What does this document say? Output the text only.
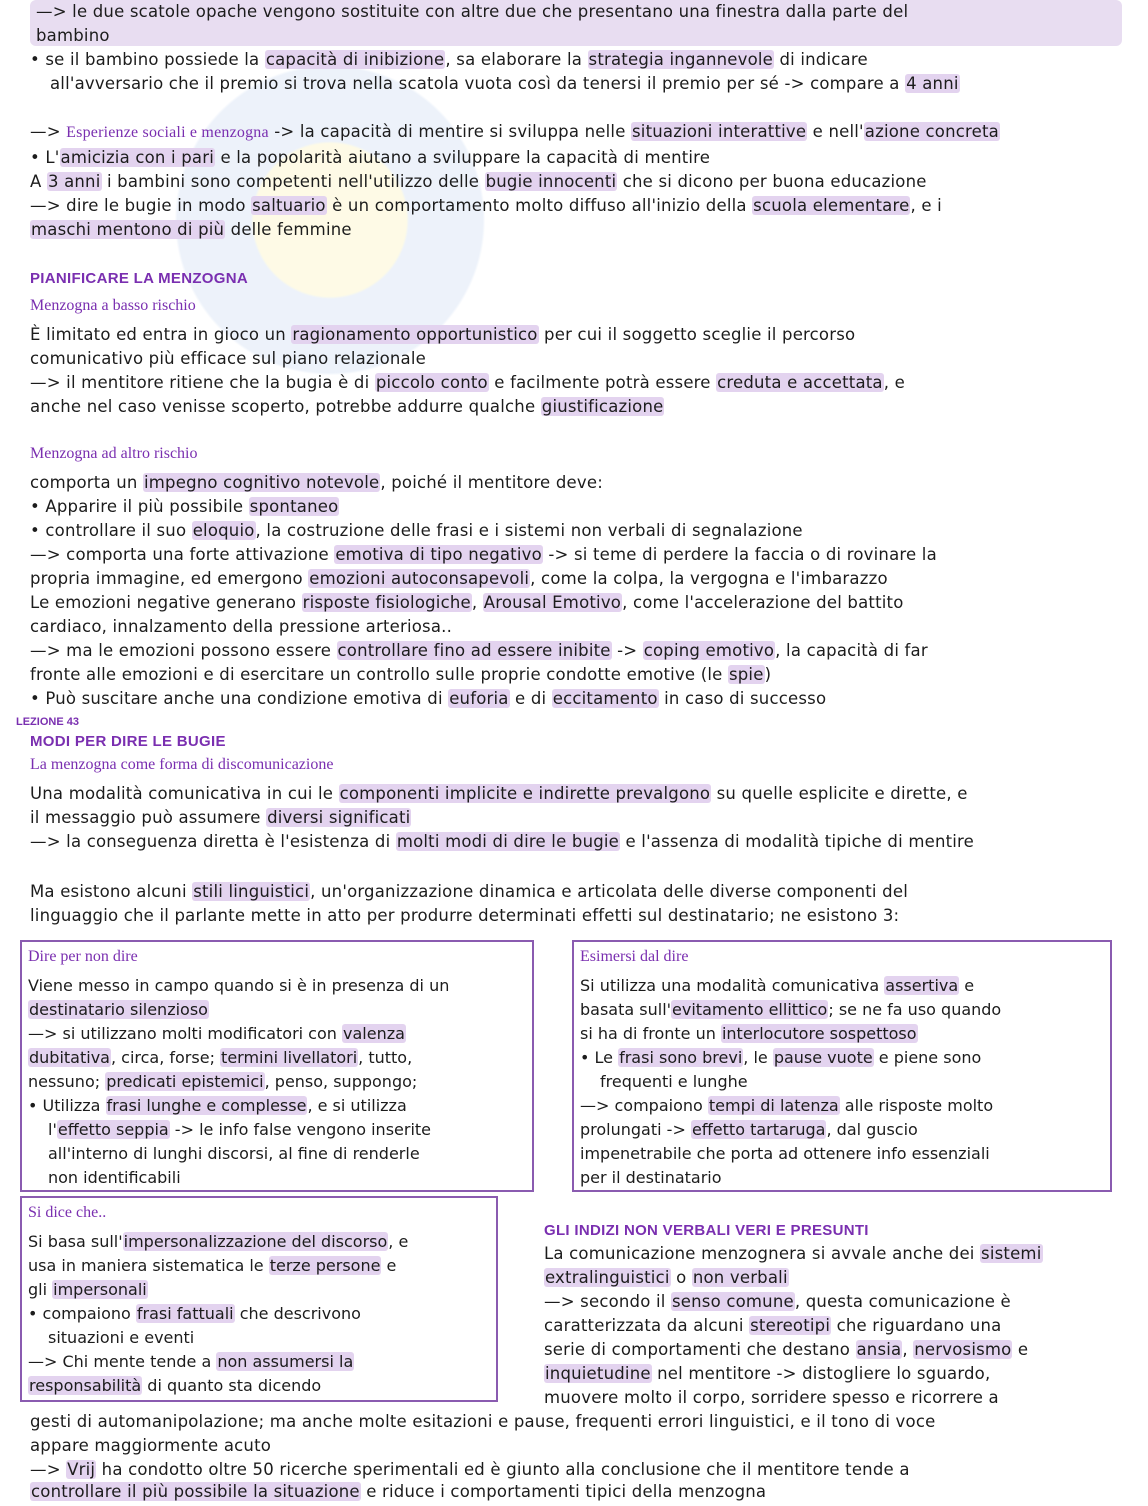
—> le due scatole opache vengono sostituite con altre due che presentano una finestra dalla parte del
bambino
• se il bambino possiede la capacità di inibizione, sa elaborare la strategia ingannevole di indicare
all'avversario che il premio si trova nella scatola vuota così da tenersi il premio per sé -> compare a 4 anni
—> Esperienze sociali e menzogna -> la capacità di mentire si sviluppa nelle situazioni interattive e nell'azione concreta
• L'amicizia con i pari e la popolarità aiutano a sviluppare la capacità di mentire
A 3 anni i bambini sono competenti nell'utilizzo delle bugie innocenti che si dicono per buona educazione
—> dire le bugie in modo saltuario è un comportamento molto diffuso all'inizio della scuola elementare, e i
maschi mentono di più delle femmine
PIANIFICARE LA MENZOGNA
Menzogna a basso rischio
È limitato ed entra in gioco un ragionamento opportunistico per cui il soggetto sceglie il percorso
comunicativo più efficace sul piano relazionale
—> il mentitore ritiene che la bugia è di piccolo conto e facilmente potrà essere creduta e accettata, e
anche nel caso venisse scoperto, potrebbe addurre qualche giustificazione
Menzogna ad altro rischio
comporta un impegno cognitivo notevole, poiché il mentitore deve:
• Apparire il più possibile spontaneo
• controllare il suo eloquio, la costruzione delle frasi e i sistemi non verbali di segnalazione
—> comporta una forte attivazione emotiva di tipo negativo -> si teme di perdere la faccia o di rovinare la
propria immagine, ed emergono emozioni autoconsapevoli, come la colpa, la vergogna e l'imbarazzo
Le emozioni negative generano risposte fisiologiche, Arousal Emotivo, come l'accelerazione del battito
cardiaco, innalzamento della pressione arteriosa..
—> ma le emozioni possono essere controllare fino ad essere inibite -> coping emotivo, la capacità di far
fronte alle emozioni e di esercitare un controllo sulle proprie condotte emotive (le spie)
• Può suscitare anche una condizione emotiva di euforia e di eccitamento in caso di successo
LEZIONE 43
MODI PER DIRE LE BUGIE
La menzogna come forma di discomunicazione
Una modalità comunicativa in cui le componenti implicite e indirette prevalgono su quelle esplicite e dirette, e
il messaggio può assumere diversi significati
—> la conseguenza diretta è l'esistenza di molti modi di dire le bugie e l'assenza di modalità tipiche di mentire
Ma esistono alcuni stili linguistici, un'organizzazione dinamica e articolata delle diverse componenti del
linguaggio che il parlante mette in atto per produrre determinati effetti sul destinatario; ne esistono 3:
Dire per non dire
Viene messo in campo quando si è in presenza di un
destinatario silenzioso
—> si utilizzano molti modificatori con valenza
dubitativa, circa, forse; termini livellatori, tutto,
nessuno; predicati epistemici, penso, suppongo;
• Utilizza frasi lunghe e complesse, e si utilizza
l'effetto seppia -> le info false vengono inserite
all'interno di lunghi discorsi, al fine di renderle
non identificabili
Esimersi dal dire
Si utilizza una modalità comunicativa assertiva e
basata sull'evitamento ellittico; se ne fa uso quando
si ha di fronte un interlocutore sospettoso
• Le frasi sono brevi, le pause vuote e piene sono
frequenti e lunghe
—> compaiono tempi di latenza alle risposte molto
prolungati -> effetto tartaruga, dal guscio
impenetrabile che porta ad ottenere info essenziali
per il destinatario
Si dice che..
Si basa sull'impersonalizzazione del discorso, e
usa in maniera sistematica le terze persone e
gli impersonali
• compaiono frasi fattuali che descrivono
situazioni e eventi
—> Chi mente tende a non assumersi la
responsabilità di quanto sta dicendo
GLI INDIZI NON VERBALI VERI E PRESUNTI
La comunicazione menzognera si avvale anche dei sistemi
extralinguistici o non verbali
—> secondo il senso comune, questa comunicazione è
caratterizzata da alcuni stereotipi che riguardano una
serie di comportamenti che destano ansia, nervosismo e
inquietudine nel mentitore -> distogliere lo sguardo,
muovere molto il corpo, sorridere spesso e ricorrere a
gesti di automanipolazione; ma anche molte esitazioni e pause, frequenti errori linguistici, e il tono di voce
appare maggiormente acuto
—> Vrij ha condotto oltre 50 ricerche sperimentali ed è giunto alla conclusione che il mentitore tende a
controllare il più possibile la situazione e riduce i comportamenti tipici della menzogna
